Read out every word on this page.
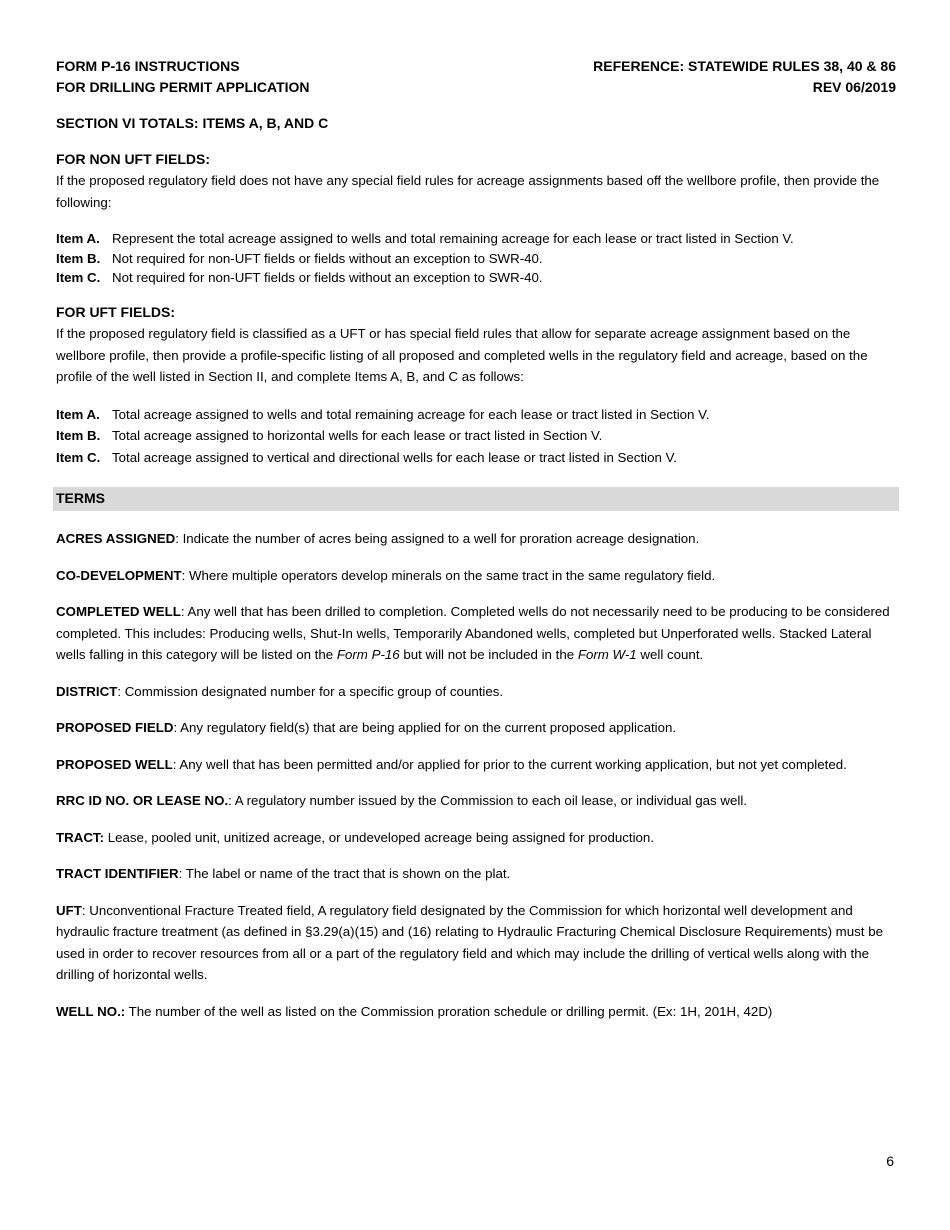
FORM P-16 INSTRUCTIONS
FOR DRILLING PERMIT APPLICATION
REFERENCE: STATEWIDE RULES 38, 40 & 86
REV 06/2019
SECTION VI TOTALS: ITEMS A, B, AND C
FOR NON UFT FIELDS:

If the proposed regulatory field does not have any special field rules for acreage assignments based off the wellbore profile, then provide the following:

Item A. Represent the total acreage assigned to wells and total remaining acreage for each lease or tract listed in Section V.
Item B. Not required for non-UFT fields or fields without an exception to SWR-40.
Item C. Not required for non-UFT fields or fields without an exception to SWR-40.
FOR UFT FIELDS:

If the proposed regulatory field is classified as a UFT or has special field rules that allow for separate acreage assignment based on the wellbore profile, then provide a profile-specific listing of all proposed and completed wells in the regulatory field and acreage, based on the profile of the well listed in Section II, and complete Items A, B, and C as follows:

Item A. Total acreage assigned to wells and total remaining acreage for each lease or tract listed in Section V.
Item B. Total acreage assigned to horizontal wells for each lease or tract listed in Section V.
Item C. Total acreage assigned to vertical and directional wells for each lease or tract listed in Section V.
TERMS

ACRES ASSIGNED: Indicate the number of acres being assigned to a well for proration acreage designation.

CO-DEVELOPMENT: Where multiple operators develop minerals on the same tract in the same regulatory field.

COMPLETED WELL: Any well that has been drilled to completion. Completed wells do not necessarily need to be producing to be considered completed. This includes: Producing wells, Shut-In wells, Temporarily Abandoned wells, completed but Unperforated wells. Stacked Lateral wells falling in this category will be listed on the Form P-16 but will not be included in the Form W-1 well count.

DISTRICT: Commission designated number for a specific group of counties.

PROPOSED FIELD: Any regulatory field(s) that are being applied for on the current proposed application.

PROPOSED WELL: Any well that has been permitted and/or applied for prior to the current working application, but not yet completed.

RRC ID NO. OR LEASE NO.: A regulatory number issued by the Commission to each oil lease, or individual gas well.

TRACT: Lease, pooled unit, unitized acreage, or undeveloped acreage being assigned for production.

TRACT IDENTIFIER: The label or name of the tract that is shown on the plat.

UFT: Unconventional Fracture Treated field, A regulatory field designated by the Commission for which horizontal well development and hydraulic fracture treatment (as defined in §3.29(a)(15) and (16) relating to Hydraulic Fracturing Chemical Disclosure Requirements) must be used in order to recover resources from all or a part of the regulatory field and which may include the drilling of vertical wells along with the drilling of horizontal wells.

WELL NO.: The number of the well as listed on the Commission proration schedule or drilling permit. (Ex: 1H, 201H, 42D)

6
